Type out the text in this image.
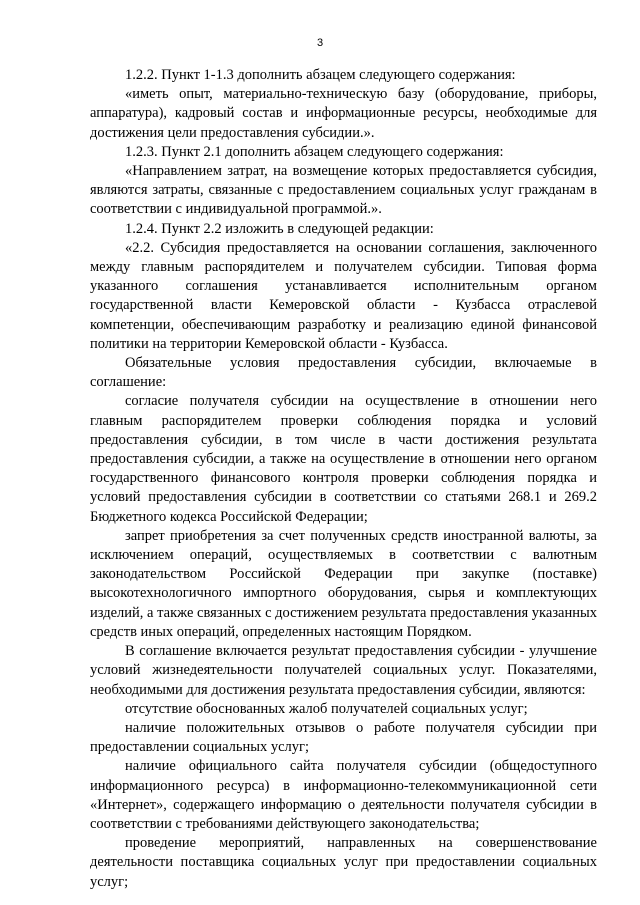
3

1.2.2. Пункт 1-1.3 дополнить абзацем следующего содержания:

«иметь опыт, материально-техническую базу (оборудование, приборы, аппаратура), кадровый состав и информационные ресурсы, необходимые для достижения цели предоставления субсидии.».

1.2.3. Пункт 2.1 дополнить абзацем следующего содержания:

«Направлением затрат, на возмещение которых предоставляется субсидия, являются затраты, связанные с предоставлением социальных услуг гражданам в соответствии с индивидуальной программой.».

1.2.4. Пункт 2.2 изложить в следующей редакции:

«2.2. Субсидия предоставляется на основании соглашения, заключенного между главным распорядителем и получателем субсидии. Типовая форма указанного соглашения устанавливается исполнительным органом государственной власти Кемеровской области - Кузбасса отраслевой компетенции, обеспечивающим разработку и реализацию единой финансовой политики на территории Кемеровской области - Кузбасса.

Обязательные условия предоставления субсидии, включаемые в соглашение:

согласие получателя субсидии на осуществление в отношении него главным распорядителем проверки соблюдения порядка и условий предоставления субсидии, в том числе в части достижения результата предоставления субсидии, а также на осуществление в отношении него органом государственного финансового контроля проверки соблюдения порядка и условий предоставления субсидии в соответствии со статьями 268.1 и 269.2 Бюджетного кодекса Российской Федерации;

запрет приобретения за счет полученных средств иностранной валюты, за исключением операций, осуществляемых в соответствии с валютным законодательством Российской Федерации при закупке (поставке) высокотехнологичного импортного оборудования, сырья и комплектующих изделий, а также связанных с достижением результата предоставления указанных средств иных операций, определенных настоящим Порядком.

В соглашение включается результат предоставления субсидии - улучшение условий жизнедеятельности получателей социальных услуг. Показателями, необходимыми для достижения результата предоставления субсидии, являются:

отсутствие обоснованных жалоб получателей социальных услуг;

наличие положительных отзывов о работе получателя субсидии при предоставлении социальных услуг;

наличие официального сайта получателя субсидии (общедоступного информационного ресурса) в информационно-телекоммуникационной сети «Интернет», содержащего информацию о деятельности получателя субсидии в соответствии с требованиями действующего законодательства;

проведение мероприятий, направленных на совершенствование деятельности поставщика социальных услуг при предоставлении социальных услуг;
